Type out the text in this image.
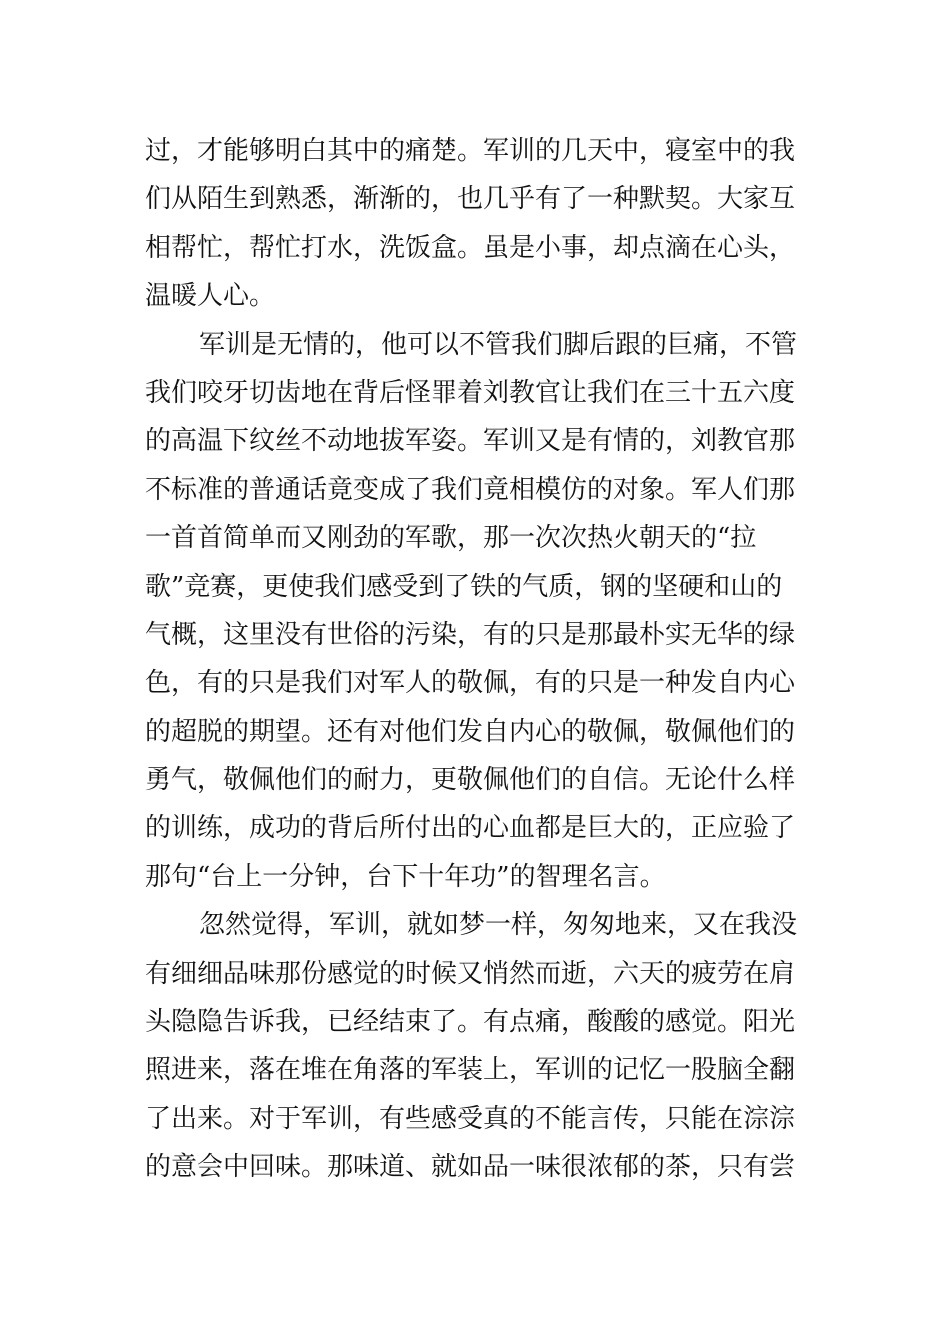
过，才能够明白其中的痛楚。军训的几天中，寝室中的我
们从陌生到熟悉，渐渐的，也几乎有了一种默契。大家互
相帮忙，帮忙打水，洗饭盒。虽是小事，却点滴在心头，
温暖人心。
军训是无情的，他可以不管我们脚后跟的巨痛，不管
我们咬牙切齿地在背后怪罪着刘教官让我们在三十五六度
的高温下纹丝不动地拔军姿。军训又是有情的，刘教官那
不标准的普通话竟变成了我们竟相模仿的对象。军人们那
一首首简单而又刚劲的军歌，那一次次热火朝天的“拉
歌”竞赛，更使我们感受到了铁的气质，钢的坚硬和山的
气概，这里没有世俗的污染，有的只是那最朴实无华的绿
色，有的只是我们对军人的敬佩，有的只是一种发自内心
的超脱的期望。还有对他们发自内心的敬佩，敬佩他们的
勇气，敬佩他们的耐力，更敬佩他们的自信。无论什么样
的训练，成功的背后所付出的心血都是巨大的，正应验了
那句“台上一分钟，台下十年功”的智理名言。
忽然觉得，军训，就如梦一样，匆匆地来，又在我没
有细细品味那份感觉的时候又悄然而逝，六天的疲劳在肩
头隐隐告诉我，已经结束了。有点痛，酸酸的感觉。阳光
照进来，落在堆在角落的军装上，军训的记忆一股脑全翻
了出来。对于军训，有些感受真的不能言传，只能在淙淙
的意会中回味。那味道、就如品一味很浓郁的茶，只有尝
